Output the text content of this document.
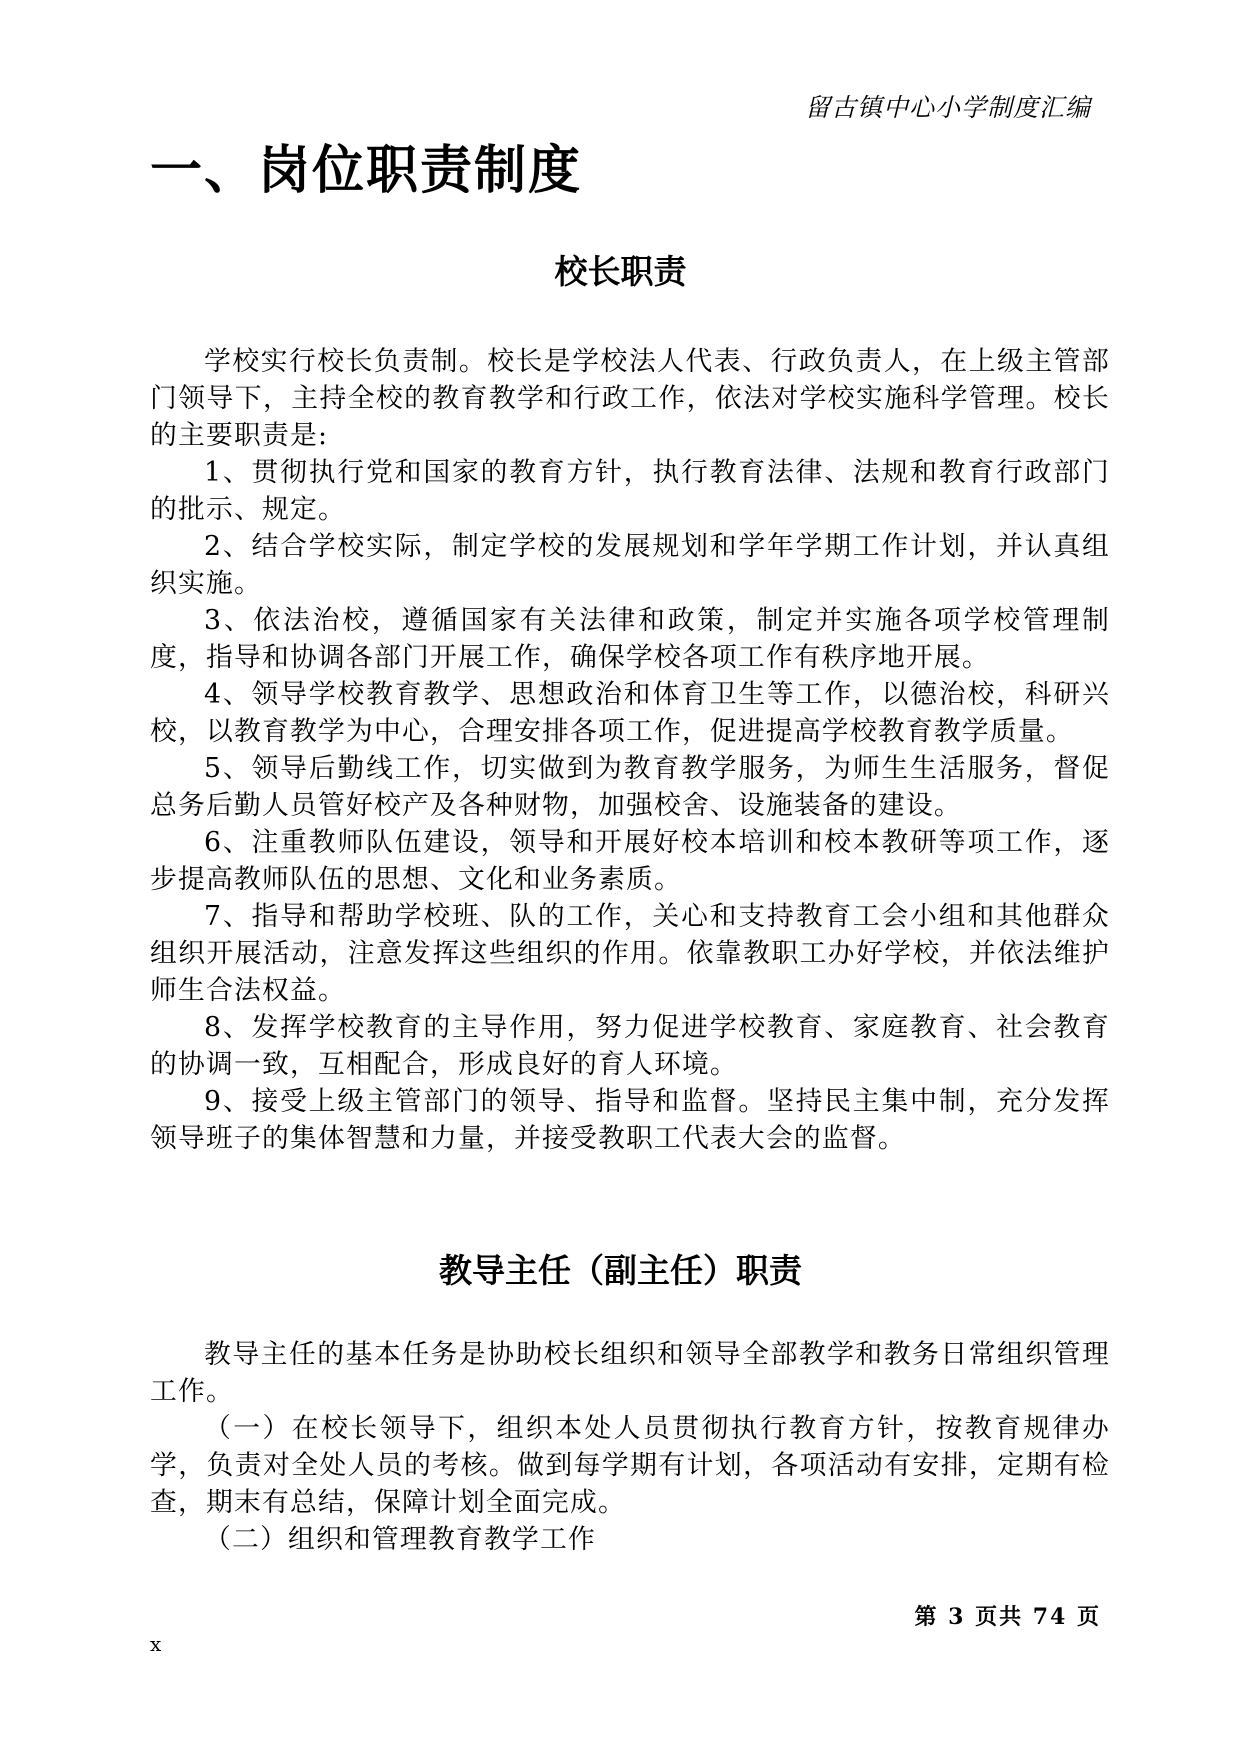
留古镇中心小学制度汇编
一、岗位职责制度
校长职责

学校实行校长负责制。校长是学校法人代表、行政负责人，在上级主管部门领导下，主持全校的教育教学和行政工作，依法对学校实施科学管理。校长的主要职责是:

1、贯彻执行党和国家的教育方针，执行教育法律、法规和教育行政部门的批示、规定。

2、结合学校实际，制定学校的发展规划和学年学期工作计划，并认真组织实施。

3、依法治校，遵循国家有关法律和政策，制定并实施各项学校管理制度，指导和协调各部门开展工作，确保学校各项工作有秩序地开展。

4、领导学校教育教学、思想政治和体育卫生等工作，以德治校，科研兴校，以教育教学为中心，合理安排各项工作，促进提高学校教育教学质量。

5、领导后勤线工作，切实做到为教育教学服务，为师生生活服务，督促总务后勤人员管好校产及各种财物，加强校舍、设施装备的建设。

6、注重教师队伍建设，领导和开展好校本培训和校本教研等项工作，逐步提高教师队伍的思想、文化和业务素质。

7、指导和帮助学校班、队的工作，关心和支持教育工会小组和其他群众组织开展活动，注意发挥这些组织的作用。依靠教职工办好学校，并依法维护师生合法权益。

8、发挥学校教育的主导作用，努力促进学校教育、家庭教育、社会教育的协调一致，互相配合，形成良好的育人环境。

9、接受上级主管部门的领导、指导和监督。坚持民主集中制，充分发挥领导班子的集体智慧和力量，并接受教职工代表大会的监督。

教导主任（副主任）职责

教导主任的基本任务是协助校长组织和领导全部教学和教务日常组织管理工作。

（一）在校长领导下，组织本处人员贯彻执行教育方针，按教育规律办学，负责对全处人员的考核。做到每学期有计划，各项活动有安排，定期有检查，期末有总结，保障计划全面完成。

（二）组织和管理教育教学工作

第 3 页共 74 页
x
